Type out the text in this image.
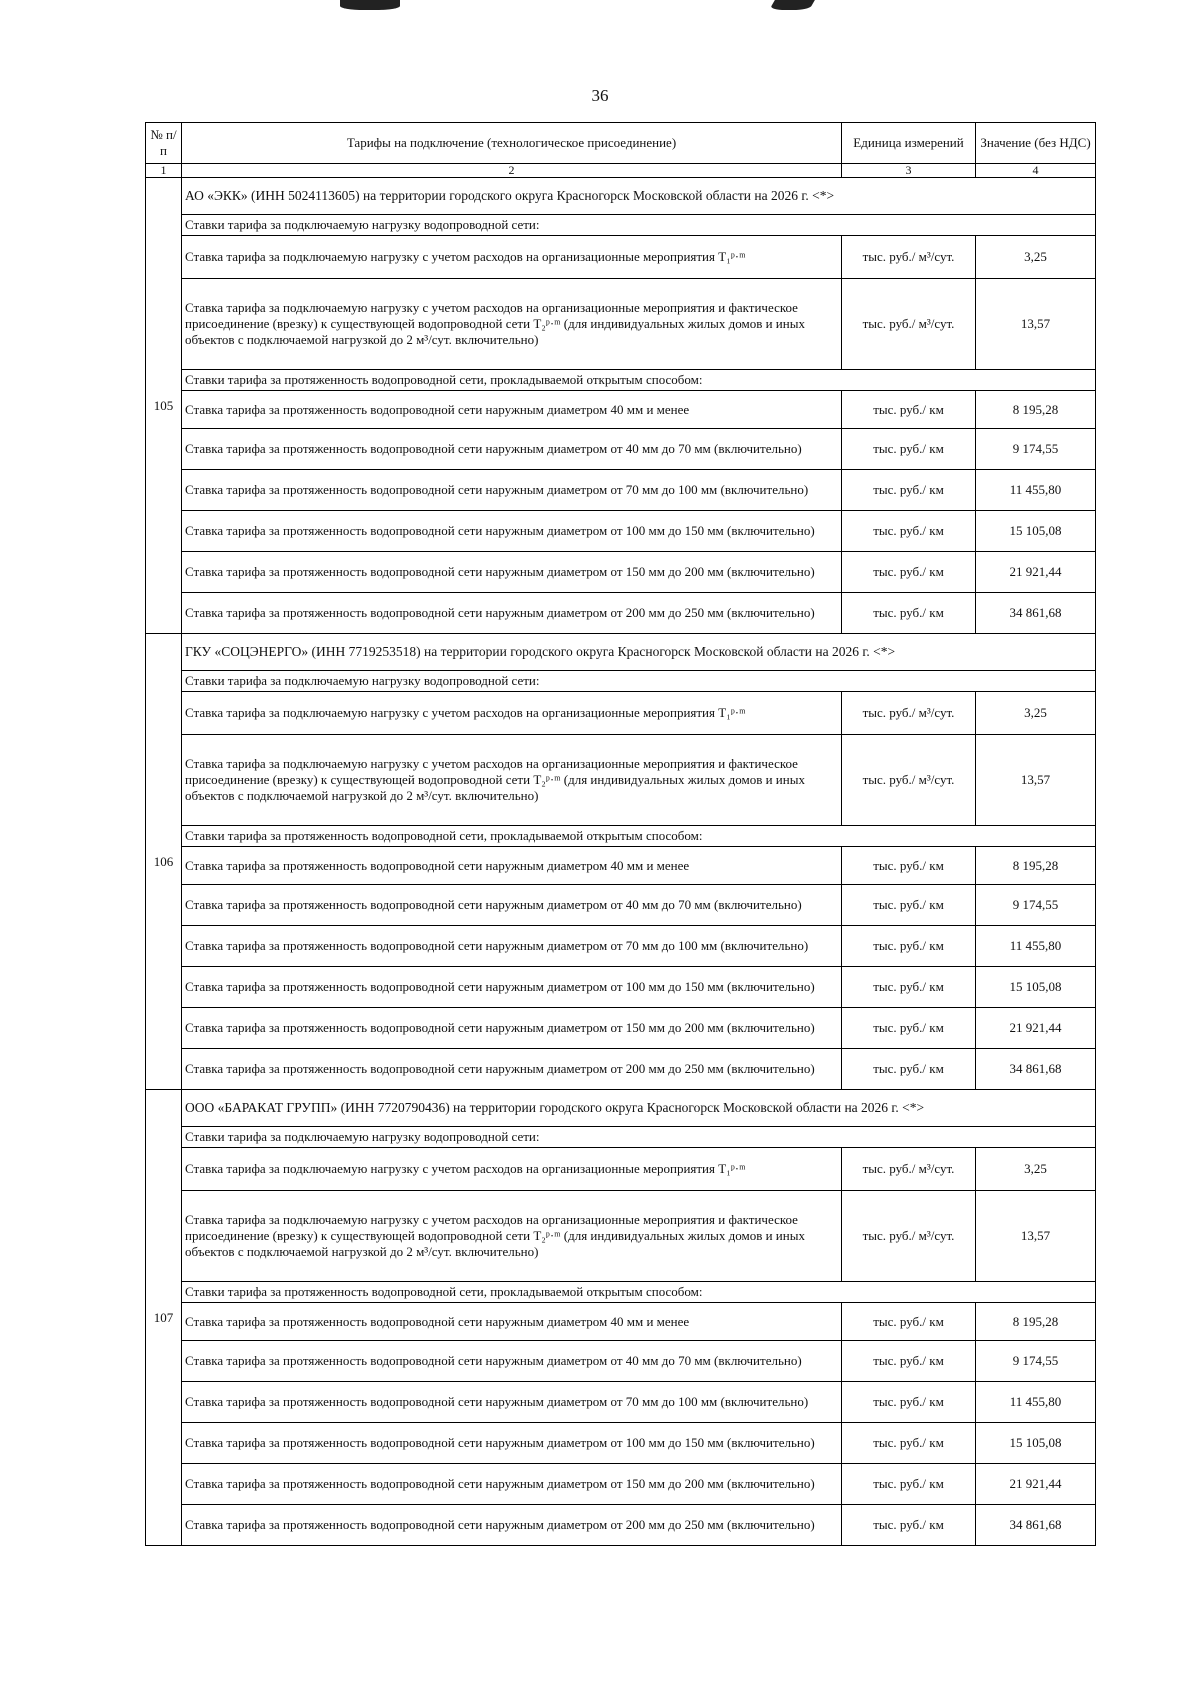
36
№ п/п	Тарифы на подключение (технологическое присоединение)	Единица измерений	Значение (без НДС)
1	2	3	4
105	АО «ЭКК» (ИНН 5024113605) на территории городского округа Красногорск Московской области на 2026 г. <*>		
	Ставки тарифа за подключаемую нагрузку водопроводной сети:		
	Ставка тарифа за подключаемую нагрузку с учетом расходов на организационные мероприятия T₁ᵖ·ᵐ	тыс. руб./ м³/сут.	3,25
	Ставка тарифа за подключаемую нагрузку с учетом расходов на организационные мероприятия и фактическое присоединение (врезку) к существующей водопроводной сети T₂ᵖ·ᵐ (для индивидуальных жилых домов и иных объектов с подключаемой нагрузкой до 2 м³/сут. включительно)	тыс. руб./ м³/сут.	13,57
	Ставки тарифа за протяженность водопроводной сети, прокладываемой открытым способом:		
	Ставка тарифа за протяженность водопроводной сети наружным диаметром 40 мм и менее	тыс. руб./ км	8 195,28
	Ставка тарифа за протяженность водопроводной сети наружным диаметром от 40 мм до 70 мм (включительно)	тыс. руб./ км	9 174,55
	Ставка тарифа за протяженность водопроводной сети наружным диаметром от 70 мм до 100 мм (включительно)	тыс. руб./ км	11 455,80
	Ставка тарифа за протяженность водопроводной сети наружным диаметром от 100 мм до 150 мм (включительно)	тыс. руб./ км	15 105,08
	Ставка тарифа за протяженность водопроводной сети наружным диаметром от 150 мм до 200 мм (включительно)	тыс. руб./ км	21 921,44
	Ставка тарифа за протяженность водопроводной сети наружным диаметром от 200 мм до 250 мм (включительно)	тыс. руб./ км	34 861,68
106	ГКУ «СОЦЭНЕРГО» (ИНН 7719253518) на территории городского округа Красногорск Московской области на 2026 г. <*>		
	Ставки тарифа за подключаемую нагрузку водопроводной сети:		
	Ставка тарифа за подключаемую нагрузку с учетом расходов на организационные мероприятия T₁ᵖ·ᵐ	тыс. руб./ м³/сут.	3,25
	Ставка тарифа за подключаемую нагрузку с учетом расходов на организационные мероприятия и фактическое присоединение (врезку) к существующей водопроводной сети T₂ᵖ·ᵐ (для индивидуальных жилых домов и иных объектов с подключаемой нагрузкой до 2 м³/сут. включительно)	тыс. руб./ м³/сут.	13,57
	Ставки тарифа за протяженность водопроводной сети, прокладываемой открытым способом:		
	Ставка тарифа за протяженность водопроводной сети наружным диаметром 40 мм и менее	тыс. руб./ км	8 195,28
	Ставка тарифа за протяженность водопроводной сети наружным диаметром от 40 мм до 70 мм (включительно)	тыс. руб./ км	9 174,55
	Ставка тарифа за протяженность водопроводной сети наружным диаметром от 70 мм до 100 мм (включительно)	тыс. руб./ км	11 455,80
	Ставка тарифа за протяженность водопроводной сети наружным диаметром от 100 мм до 150 мм (включительно)	тыс. руб./ км	15 105,08
	Ставка тарифа за протяженность водопроводной сети наружным диаметром от 150 мм до 200 мм (включительно)	тыс. руб./ км	21 921,44
	Ставка тарифа за протяженность водопроводной сети наружным диаметром от 200 мм до 250 мм (включительно)	тыс. руб./ км	34 861,68
107	ООО «БАРАКАТ ГРУПП» (ИНН 7720790436) на территории городского округа Красногорск Московской области на 2026 г. <*>		
	Ставки тарифа за подключаемую нагрузку водопроводной сети:		
	Ставка тарифа за подключаемую нагрузку с учетом расходов на организационные мероприятия T₁ᵖ·ᵐ	тыс. руб./ м³/сут.	3,25
	Ставка тарифа за подключаемую нагрузку с учетом расходов на организационные мероприятия и фактическое присоединение (врезку) к существующей водопроводной сети T₂ᵖ·ᵐ (для индивидуальных жилых домов и иных объектов с подключаемой нагрузкой до 2 м³/сут. включительно)	тыс. руб./ м³/сут.	13,57
	Ставки тарифа за протяженность водопроводной сети, прокладываемой открытым способом:		
	Ставка тарифа за протяженность водопроводной сети наружным диаметром 40 мм и менее	тыс. руб./ км	8 195,28
	Ставка тарифа за протяженность водопроводной сети наружным диаметром от 40 мм до 70 мм (включительно)	тыс. руб./ км	9 174,55
	Ставка тарифа за протяженность водопроводной сети наружным диаметром от 70 мм до 100 мм (включительно)	тыс. руб./ км	11 455,80
	Ставка тарифа за протяженность водопроводной сети наружным диаметром от 100 мм до 150 мм (включительно)	тыс. руб./ км	15 105,08
	Ставка тарифа за протяженность водопроводной сети наружным диаметром от 150 мм до 200 мм (включительно)	тыс. руб./ км	21 921,44
	Ставка тарифа за протяженность водопроводной сети наружным диаметром от 200 мм до 250 мм (включительно)	тыс. руб./ км	34 861,68
